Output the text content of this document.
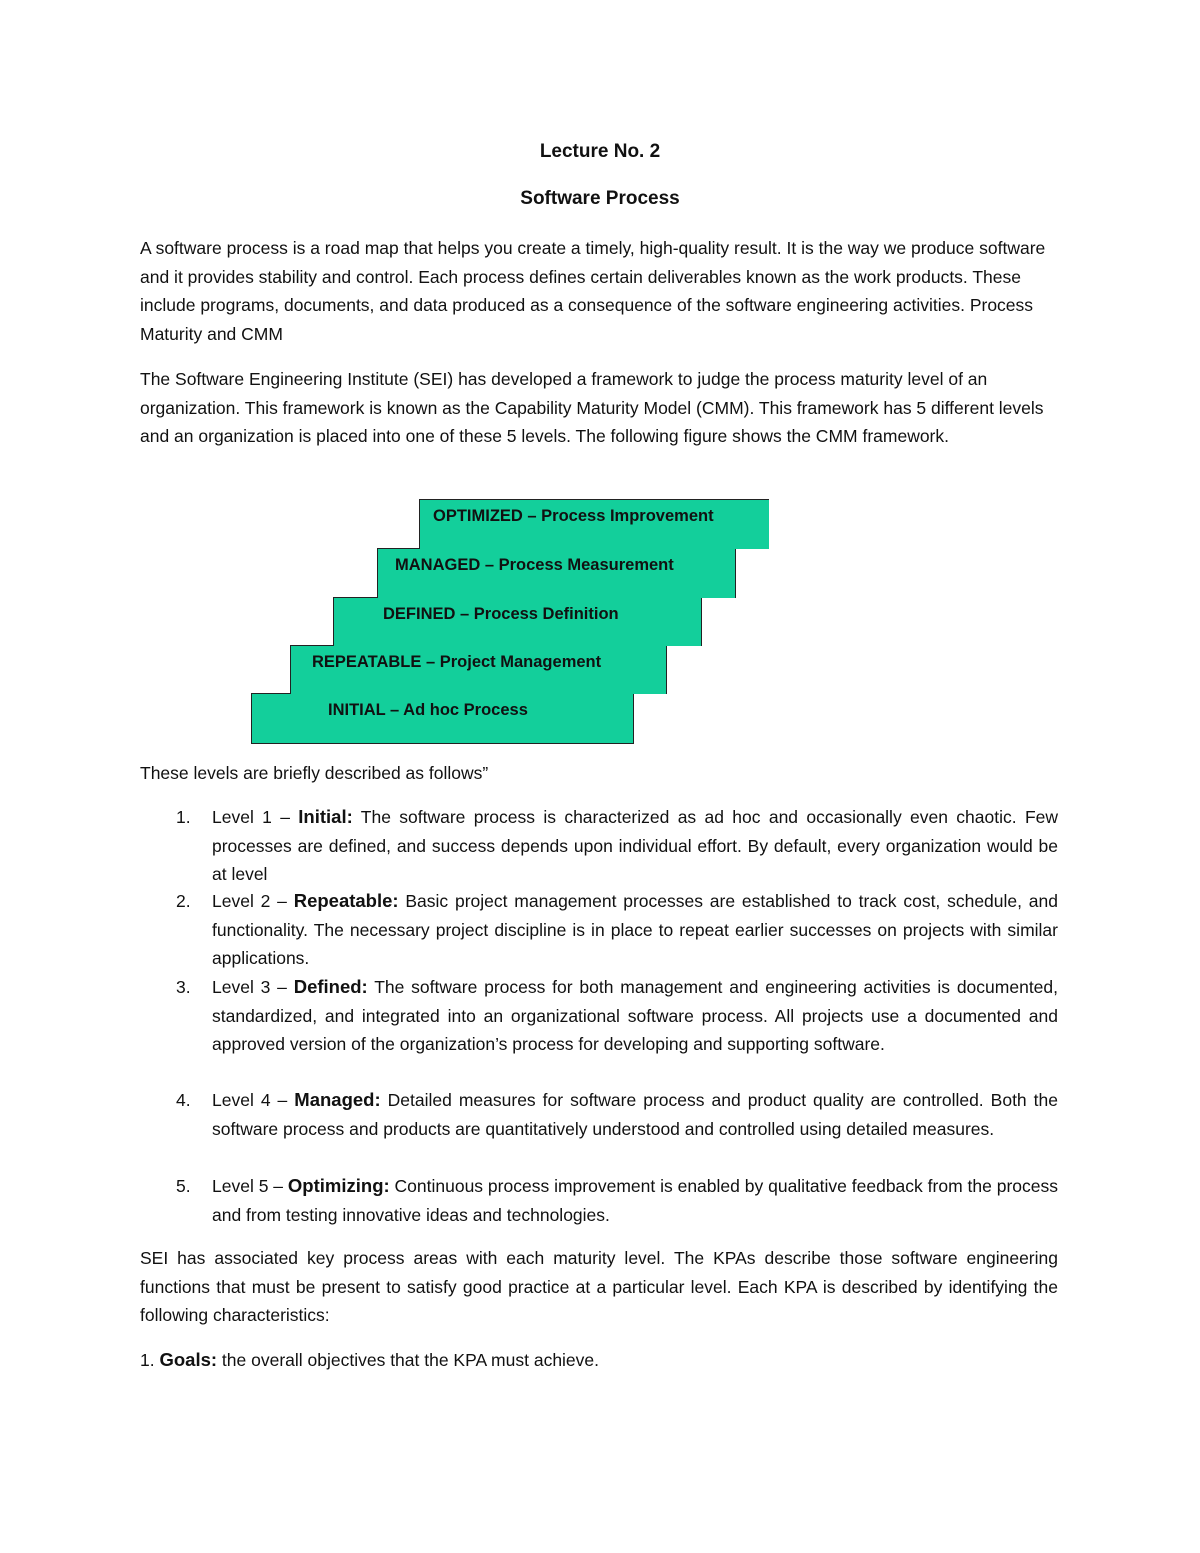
Lecture No. 2
Software Process
A software process is a road map that helps you create a timely, high-quality result. It is the way we produce software and it provides stability and control. Each process defines certain deliverables known as the work products. These include programs, documents, and data produced as a consequence of the software engineering activities. Process Maturity and CMM
The Software Engineering Institute (SEI) has developed a framework to judge the process maturity level of an organization. This framework is known as the Capability Maturity Model (CMM). This framework has 5 different levels and an organization is placed into one of these 5 levels. The following figure shows the CMM framework.
INITIAL – Ad hoc Process
REPEATABLE – Project Management
DEFINED – Process Definition
MANAGED – Process Measurement
OPTIMIZED – Process Improvement
These levels are briefly described as follows”
1. Level 1 – Initial: The software process is characterized as ad hoc and occasionally even chaotic. Few processes are defined, and success depends upon individual effort. By default, every organization would be at level
2. Level 2 – Repeatable: Basic project management processes are established to track cost, schedule, and functionality. The necessary project discipline is in place to repeat earlier successes on projects with similar applications.
3. Level 3 – Defined: The software process for both management and engineering activities is documented, standardized, and integrated into an organizational software process. All projects use a documented and approved version of the organization’s process for developing and supporting software.
4. Level 4 – Managed: Detailed measures for software process and product quality are controlled. Both the software process and products are quantitatively understood and controlled using detailed measures.
5. Level 5 – Optimizing: Continuous process improvement is enabled by qualitative feedback from the process and from testing innovative ideas and technologies.
SEI has associated key process areas with each maturity level. The KPAs describe those software engineering functions that must be present to satisfy good practice at a particular level. Each KPA is described by identifying the following characteristics:
1. Goals: the overall objectives that the KPA must achieve.
